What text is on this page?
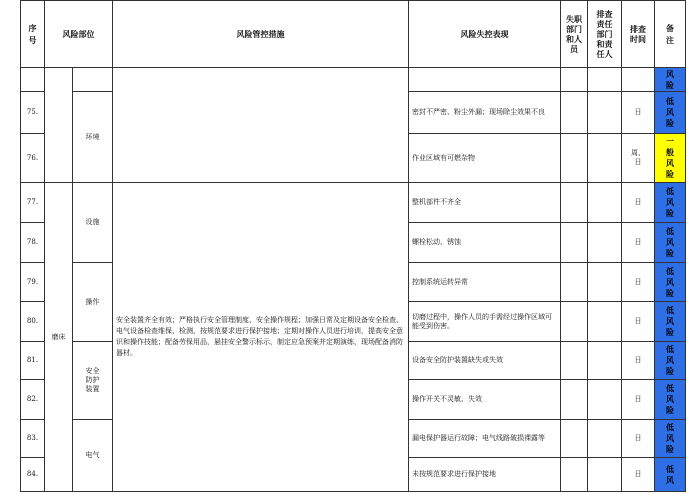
序号	风险部位		风险管控措施	风险失控表现	失职部门和人员	排查责任部门和责任人	排查时间	备注
								风险
75.		环境		密封不严密、粉尘外漏；现场除尘效果不良			日	低风险
76.				作业区域有可燃杂物			周、日	一般风险
77.	磨床	设施	安全装置齐全有效；严格执行安全管理制度、安全操作规程；加强日常及定期设备安全检查、电气设备检查维保、检测，按规范要求进行保护接地；定期对操作人员进行培训，提高安全意识和操作技能；配备劳保用品，悬挂安全警示标示，制定应急预案并定期演练，现场配备消防器材。	整机部件不齐全			日	低风险
78.				螺栓松动、锈蚀			日	低风险
79.		操作		控制系统运转异常			日	低风险
80.				切磨过程中，操作人员的手需经过操作区域可能受到伤害。			日	低风险
81.		安全防护装置		设备安全防护装置缺失或失效			日	低风险
82.				操作开关不灵敏、失效			日	低风险
83.		电气		漏电保护器运行故障；电气线路破损裸露等			日	低风险
84.				未按规范要求进行保护接地			日	低风
